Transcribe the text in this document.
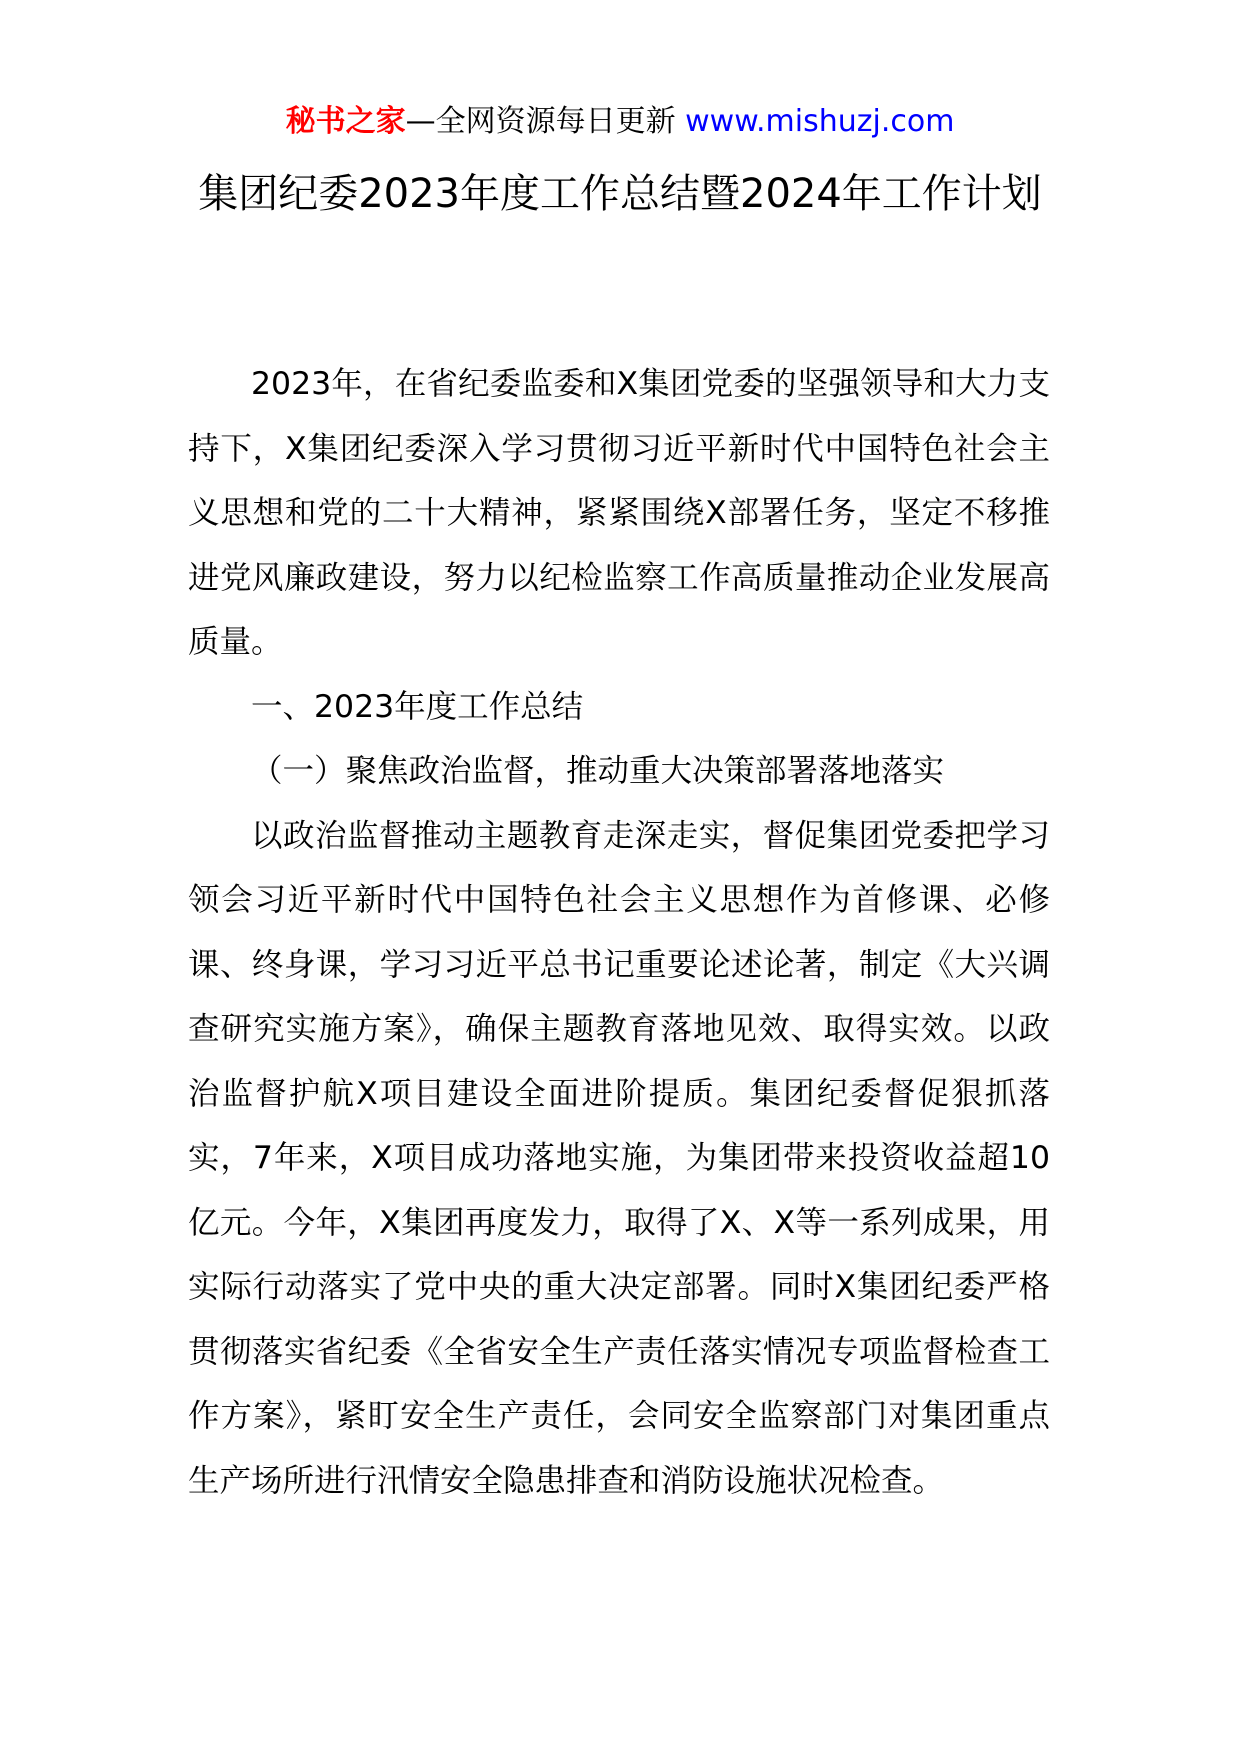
秘书之家—全网资源每日更新 www.mishuzj.com
集团纪委2023年度工作总结暨2024年工作计划

2023年，在省纪委监委和X集团党委的坚强领导和大力支持下，X集团纪委深入学习贯彻习近平新时代中国特色社会主义思想和党的二十大精神，紧紧围绕X部署任务，坚定不移推进党风廉政建设，努力以纪检监察工作高质量推动企业发展高质量。

一、2023年度工作总结

（一）聚焦政治监督，推动重大决策部署落地落实

以政治监督推动主题教育走深走实，督促集团党委把学习领会习近平新时代中国特色社会主义思想作为首修课、必修课、终身课，学习习近平总书记重要论述论著，制定《大兴调查研究实施方案》，确保主题教育落地见效、取得实效。以政治监督护航X项目建设全面进阶提质。集团纪委督促狠抓落实，7年来，X项目成功落地实施，为集团带来投资收益超10亿元。今年，X集团再度发力，取得了X、X等一系列成果，用实际行动落实了党中央的重大决定部署。同时X集团纪委严格贯彻落实省纪委《全省安全生产责任落实情况专项监督检查工作方案》，紧盯安全生产责任，会同安全监察部门对集团重点生产场所进行汛情安全隐患排查和消防设施状况检查。
